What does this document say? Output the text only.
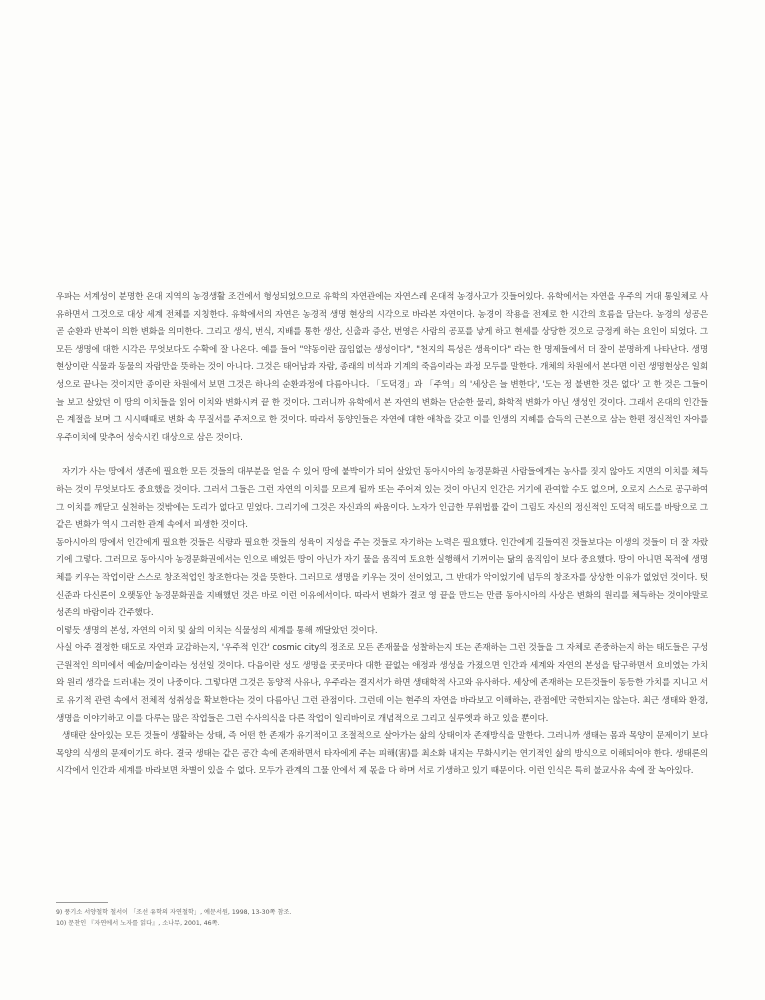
우파는 서계성이 분명한 온대 지역의 농경생활 조건에서 형성되었으므로 유학의 자연관에는 자연스레 온대적 농경사고가 깃들어있다. 유학에서는 자연을 우주의 거대 통일체로 사유하면서 그것으로 대상 세계 전체를 지칭한다. 유학에서의 자연은 농경적 생명 현상의 시각으로 바라본 자연이다. 농경이 작용을 전제로 한 시간의 흐름을 담는다. 농경의 성공은 곧 순환과 반복이 의한 변화을 의미한다. 그리고 생식, 번식, 지배를 통한 생산, 신출과 증산, 번영은 사람의 공포를 낳게 하고 현세를 상당한 것으로 긍정케 하는 요인이 되었다. 그 모든 생명에 대한 시각은 무엇보다도 수확에 잘 나온다. 예를 들어 "약동이란 끊임없는 생성이다", "천지의 특성은 생육이다" 라는 한 명제들에서 더 잘이 분명하게 나타난다. 생명현상이란 식물과 동물의 자람만을 뜻하는 것이 아니다. 그것은 태어남과 자람, 종래의 비석과 기계의 죽음이라는 과정 모두를 말한다. 개체의 차원에서 본다면 이런 생명현상은 일회성으로 끝나는 것이지만 종이란 차원에서 보면 그것은 하나의 순환과정에 다름아니다. 「도덕경」과 「주역」의 '세상은 늘 변한다', '도는 정 불변한 것은 없다' 고 한 것은 그들이 늘 보고 살았던 이 땅의 이치들을 읽어 이치와 변화시켜 끝 한 것이다. 그러니까 유학에서 본 자연의 변화는 단순한 물리, 화학적 변화가 아닌 생성인 것이다. 그래서 온대의 인간들은 계절을 보며 그 시시때때로 변화 속 무질서를 주저으로 한 것이다. 따라서 동양인들은 자연에 대한 애착을 갖고 이를 인생의 지혜를 습득의 근본으로 삼는 한편 정신적인 자아를 우주이치에 맞추어 성숙시킨 대상으로 삼은 것이다.

자기가 사는 땅에서 생존에 필요한 모든 것들의 대부분을 얻을 수 있어 땅에 붙박이가 되어 살았던 동아시아의 농경문화권 사람들에게는 농사를 짓지 않아도 지면의 이치를 체득하는 것이 무엇보다도 중요했을 것이다. 그러서 그들은 그런 자연의 이치를 모르게 될까 또는 주어져 있는 것이 아닌지 인간은 거기에 관여할 수도 없으며, 오로지 스스로 공구하여 그 이치를 깨닫고 실천하는 것밖에는 도리가 없다고 믿었다. 그리기에 그것은 자신과의 싸움이다. 노자가 인급한 무위법률 같이 그림도 자신의 정신적인 도덕적 태도를 바탕으로 그 같은 변화가 역시 그러한 관계 속에서 피생한 것이다.

동아시아의 땅에서 인간에게 필요한 것들은 식량과 필요한 것들의 성육이 지성을 주는 것들로 자기하는 노력은 필요했다. 인간에게 길들여진 것들보다는 이생의 것들이 더 잘 자랐기에 그렇다. 그러므로 동아시아 농경문화권에서는 인으로 배었든 땅이 아닌가 자기 물을 움직여 토요한 실행해서 기꺼이는 닮의 움직임이 보다 중요했다. 땅이 아니면 목적에 생명체를 키우는 작업이란 스스로 창조적업인 창조한다는 것을 뜻한다. 그러므로 생명을 키우는 것이 선이었고, 그 반대가 악이었기에 넘두의 창조자를 상상한 이유가 없었던 것이다. 텃신준과 다신론이 오랫동안 농경문화권을 지배했던 것은 바로 이런 이유에서이다. 따라서 변화가 결코 영 끝을 만드는 만큼 동아시아의 사상은 변화의 원리를 체득하는 것이야말로 성존의 바람이라 간주했다.

이렇듯 생명의 본성, 자연의 이치 및 삶의 이치는 식물성의 세계를 통해 깨달았던 것이다.

사실 아주 결정한 태도로 자연과 교감하는지, '우주적 인간' cosmic city의 정조로 모든 존재물을 성찰하는지 또는 존재하는 그런 것들을 그 자체로 존중하는지 하는 태도들은 구성 근원적인 의미에서 예술/미술이라는 성선일 것이다. 다음이란 성도 생명을 곳곳마다 대한 끝없는 애정과 생성을 가졌으면 인간과 세계와 자연의 본성을 탐구하면서 요비였는 가치와 원리 생각을 드러내는 것이 나중이다. 그렇다면 그것은 동양적 사유나, 우주라는 결지서가 하면 생태학적 사고와 유사하다. 세상에 존재하는 모든것들이 동등한 가치를 지니고 서로 유기적 관련 속에서 전체적 성취성을 확보한다는 것이 다름아닌 그런 관점이다. 그런데 이는 현주의 자연을 바라보고 이해하는, 관점에만 국한되지는 않는다. 최근 생태와 환경, 생명을 이야기하고 이를 다루는 많은 작업들은 그런 수사의식을 다른 작업이 일리바이로 개념적으로 그리고 실루엣과 하고 있을 뿐이다.

생태란 살아있는 모든 것들이 생활하는 상태, 즉 어떤 한 존재가 유기적이고 조절적으로 살아가는 삶의 상태이자 존재방식을 말한다. 그러니까 생태는 몸과 목양이 문제이기 보다 목양의 식생의 문제이기도 하다. 결국 생태는 같은 공간 속에 존재하면서 타자에게 주는 피해(害)를 최소화 내지는 무화시키는 연기적인 삶의 방식으로 이해되어야 한다. 생태론의 시각에서 인간과 세계를 바라보면 차별이 있을 수 없다. 모두가 관계의 그물 안에서 제 몫을 다 하며 서로 기생하고 있기 때문이다. 이런 인식은 특히 불교사유 속에 잘 녹아있다.

9) 풍기소 서양철학 철서이 「조선 유학의 자연철학」, 예문서원, 1998, 13-30쪽 참조.

10) 문찬인 『자연에서 노자를 읽다』, 소나무, 2001, 46쪽.
